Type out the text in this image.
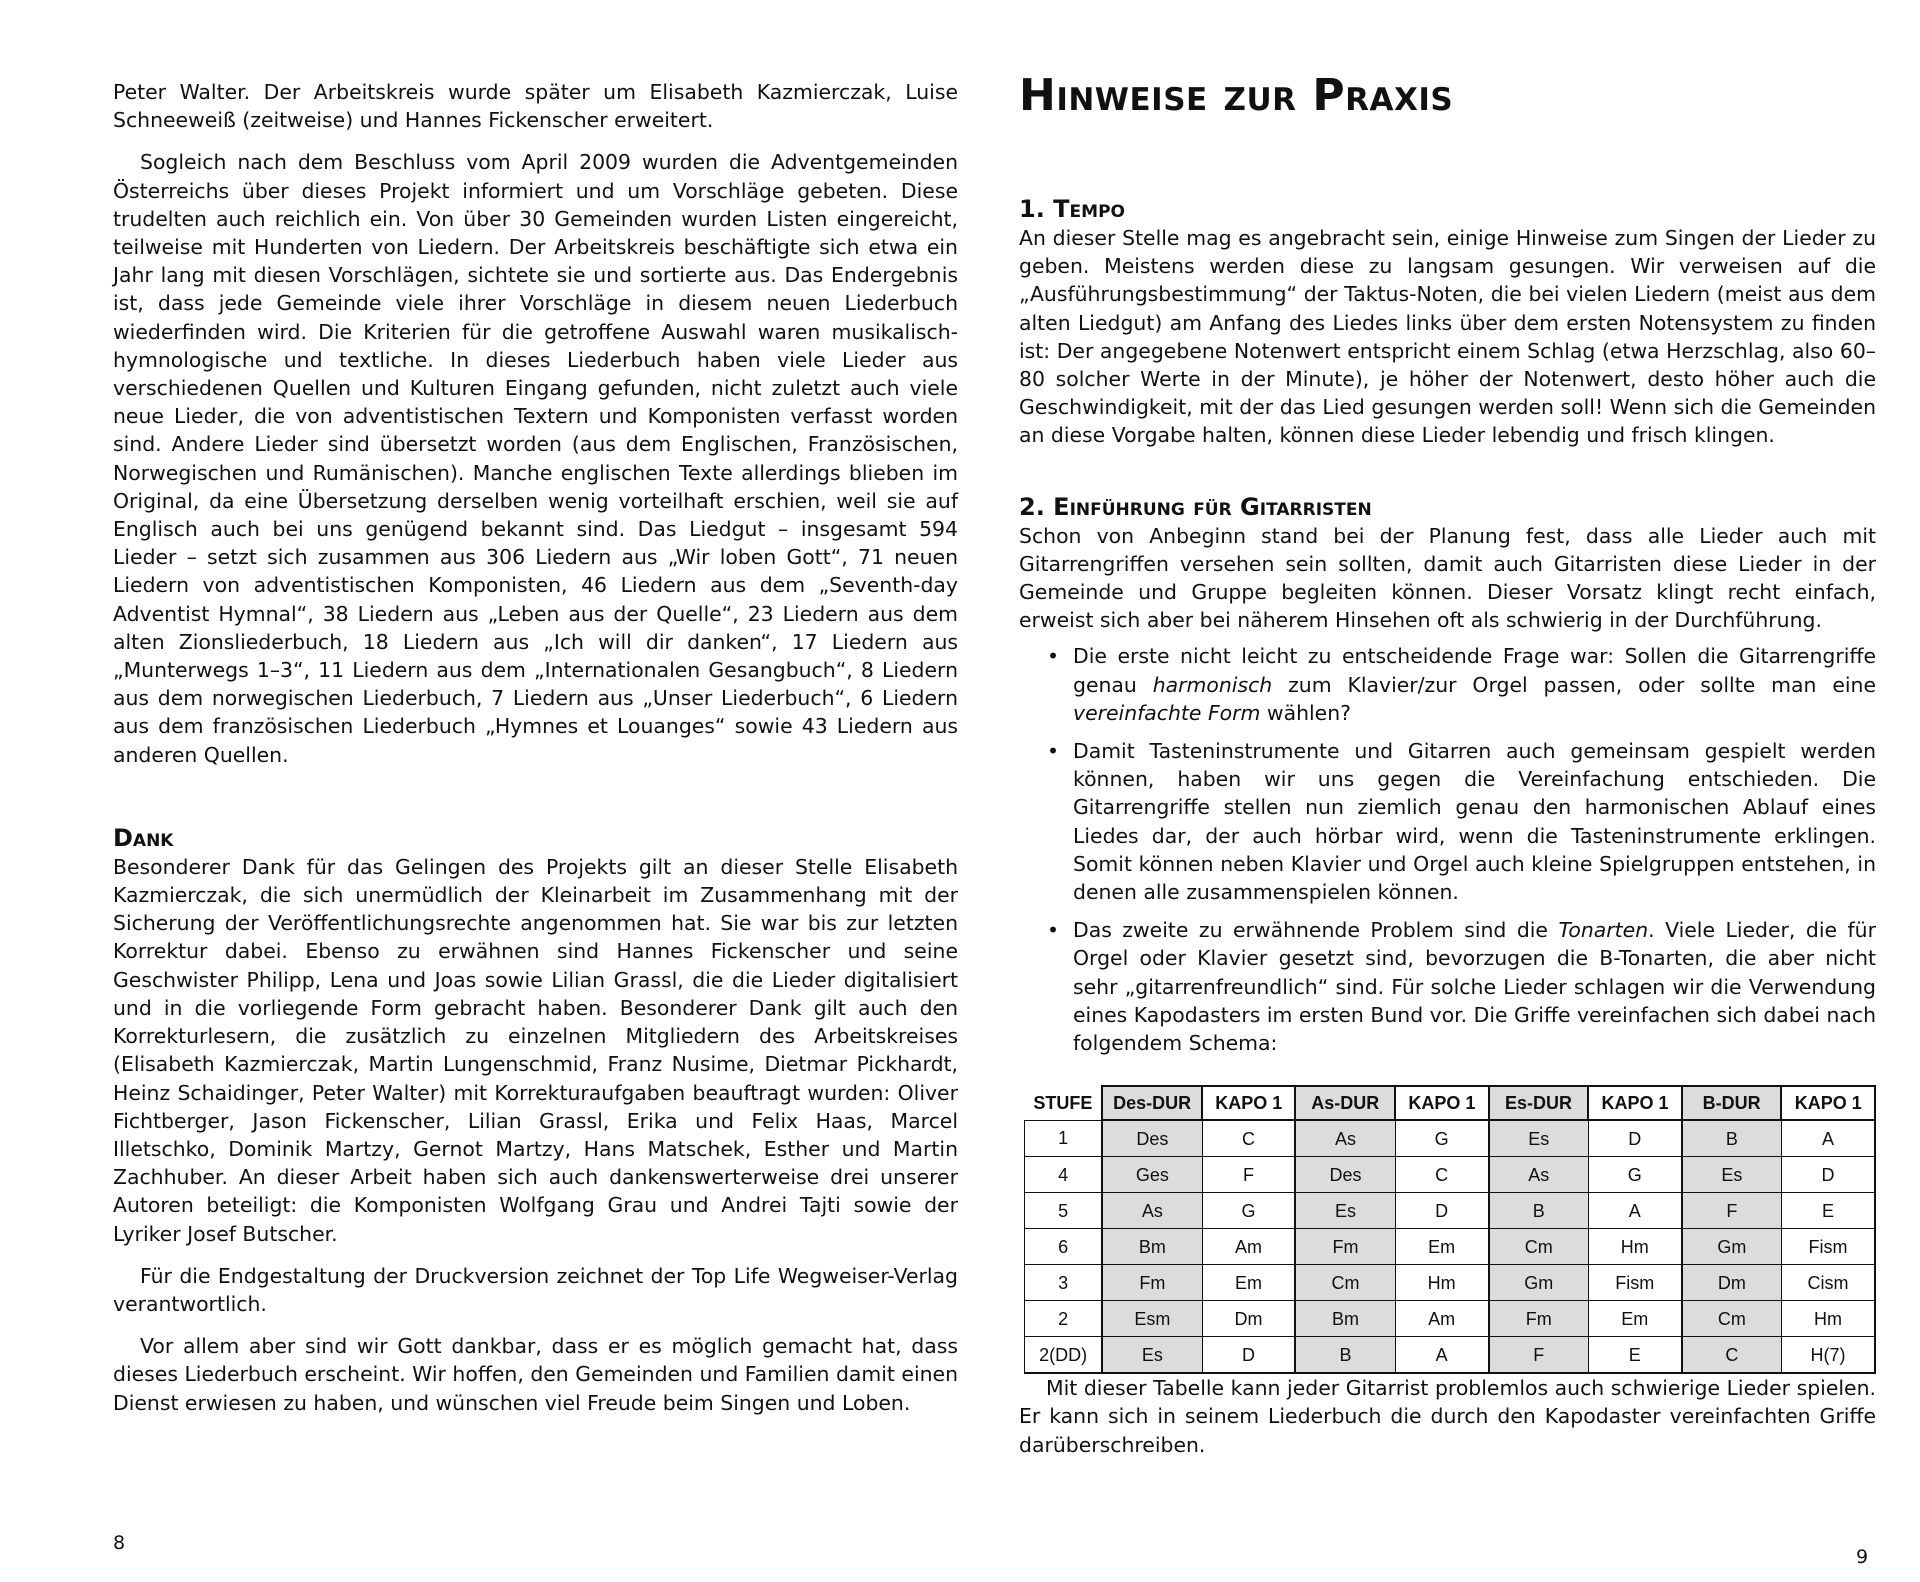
Peter Walter. Der Arbeitskreis wurde später um Elisabeth Kazmierczak, Luise Schneeweiß (zeitweise) und Hannes Fickenscher erweitert.

Sogleich nach dem Beschluss vom April 2009 wurden die Adventgemeinden Österreichs über dieses Projekt informiert und um Vorschläge gebeten. Diese trudelten auch reichlich ein. Von über 30 Gemeinden wurden Listen eingereicht, teilweise mit Hunderten von Liedern. Der Arbeitskreis beschäftigte sich etwa ein Jahr lang mit diesen Vorschlägen, sichtete sie und sortierte aus. Das Endergebnis ist, dass jede Gemeinde viele ihrer Vorschläge in diesem neuen Liederbuch wiederfinden wird. Die Kriterien für die getroffene Auswahl waren musikalisch-hymnologische und textliche. In dieses Liederbuch haben viele Lieder aus verschiedenen Quellen und Kulturen Eingang gefunden, nicht zuletzt auch viele neue Lieder, die von adventistischen Textern und Komponisten verfasst worden sind. Andere Lieder sind übersetzt worden (aus dem Englischen, Französischen, Norwegischen und Rumänischen). Manche englischen Texte allerdings blieben im Original, da eine Übersetzung derselben wenig vorteilhaft erschien, weil sie auf Englisch auch bei uns genügend bekannt sind. Das Liedgut – insgesamt 594 Lieder – setzt sich zusammen aus 306 Liedern aus „Wir loben Gott“, 71 neuen Liedern von adventistischen Komponisten, 46 Liedern aus dem „Seventh-day Adventist Hymnal“, 38 Liedern aus „Leben aus der Quelle“, 23 Liedern aus dem alten Zionsliederbuch, 18 Liedern aus „Ich will dir danken“, 17 Liedern aus „Munterwegs 1–3“, 11 Liedern aus dem „Internationalen Gesangbuch“, 8 Liedern aus dem norwegischen Liederbuch, 7 Liedern aus „Unser Liederbuch“, 6 Liedern aus dem französischen Liederbuch „Hymnes et Louanges“ sowie 43 Liedern aus anderen Quellen.

Dank

Besonderer Dank für das Gelingen des Projekts gilt an dieser Stelle Elisabeth Kazmierczak, die sich unermüdlich der Kleinarbeit im Zusammenhang mit der Sicherung der Veröffentlichungsrechte angenommen hat. Sie war bis zur letzten Korrektur dabei. Ebenso zu erwähnen sind Hannes Fickenscher und seine Geschwister Philipp, Lena und Joas sowie Lilian Grassl, die die Lieder digitalisiert und in die vorliegende Form gebracht haben. Besonderer Dank gilt auch den Korrekturlesern, die zusätzlich zu einzelnen Mitgliedern des Arbeitskreises (Elisabeth Kazmierczak, Martin Lungenschmid, Franz Nusime, Dietmar Pickhardt, Heinz Schaidinger, Peter Walter) mit Korrekturaufgaben beauftragt wurden: Oliver Fichtberger, Jason Fickenscher, Lilian Grassl, Erika und Felix Haas, Marcel Illetschko, Dominik Martzy, Gernot Martzy, Hans Matschek, Esther und Martin Zachhuber. An dieser Arbeit haben sich auch dankenswerterweise drei unserer Autoren beteiligt: die Komponisten Wolfgang Grau und Andrei Tajti sowie der Lyriker Josef Butscher.

Für die Endgestaltung der Druckversion zeichnet der Top Life Wegweiser-Verlag verantwortlich.

Vor allem aber sind wir Gott dankbar, dass er es möglich gemacht hat, dass dieses Liederbuch erscheint. Wir hoffen, den Gemeinden und Familien damit einen Dienst erwiesen zu haben, und wünschen viel Freude beim Singen und Loben.

8
Hinweise zur Praxis
1. Tempo

An dieser Stelle mag es angebracht sein, einige Hinweise zum Singen der Lieder zu geben. Meistens werden diese zu langsam gesungen. Wir verweisen auf die „Ausführungsbestimmung“ der Taktus-Noten, die bei vielen Liedern (meist aus dem alten Liedgut) am Anfang des Liedes links über dem ersten Notensystem zu finden ist: Der angegebene Notenwert entspricht einem Schlag (etwa Herzschlag, also 60–80 solcher Werte in der Minute), je höher der Notenwert, desto höher auch die Geschwindigkeit, mit der das Lied gesungen werden soll! Wenn sich die Gemeinden an diese Vorgabe halten, können diese Lieder lebendig und frisch klingen.

2. Einführung für Gitarristen

Schon von Anbeginn stand bei der Planung fest, dass alle Lieder auch mit Gitarrengriffen versehen sein sollten, damit auch Gitarristen diese Lieder in der Gemeinde und Gruppe begleiten können. Dieser Vorsatz klingt recht einfach, erweist sich aber bei näherem Hinsehen oft als schwierig in der Durchführung.

• Die erste nicht leicht zu entscheidende Frage war: Sollen die Gitarrengriffe genau harmonisch zum Klavier/zur Orgel passen, oder sollte man eine vereinfachte Form wählen?
• Damit Tasteninstrumente und Gitarren auch gemeinsam gespielt werden können, haben wir uns gegen die Vereinfachung entschieden. Die Gitarrengriffe stellen nun ziemlich genau den harmonischen Ablauf eines Liedes dar, der auch hörbar wird, wenn die Tasteninstrumente erklingen. Somit können neben Klavier und Orgel auch kleine Spielgruppen entstehen, in denen alle zusammenspielen können.
• Das zweite zu erwähnende Problem sind die Tonarten. Viele Lieder, die für Orgel oder Klavier gesetzt sind, bevorzugen die B-Tonarten, die aber nicht sehr „gitarrenfreundlich“ sind. Für solche Lieder schlagen wir die Verwendung eines Kapodasters im ersten Bund vor. Die Griffe vereinfachen sich dabei nach folgendem Schema:
STUFE	Des-DUR	KAPO 1	As-DUR	KAPO 1	Es-DUR	KAPO 1	B-DUR	KAPO 1
1	Des	C	As	G	Es	D	B	A
4	Ges	F	Des	C	As	G	Es	D
5	As	G	Es	D	B	A	F	E
6	Bm	Am	Fm	Em	Cm	Hm	Gm	Fism
3	Fm	Em	Cm	Hm	Gm	Fism	Dm	Cism
2	Esm	Dm	Bm	Am	Fm	Em	Cm	Hm
2(DD)	Es	D	B	A	F	E	C	H(7)

Mit dieser Tabelle kann jeder Gitarrist problemlos auch schwierige Lieder spielen. Er kann sich in seinem Liederbuch die durch den Kapodaster vereinfachten Griffe darüberschreiben.

9
